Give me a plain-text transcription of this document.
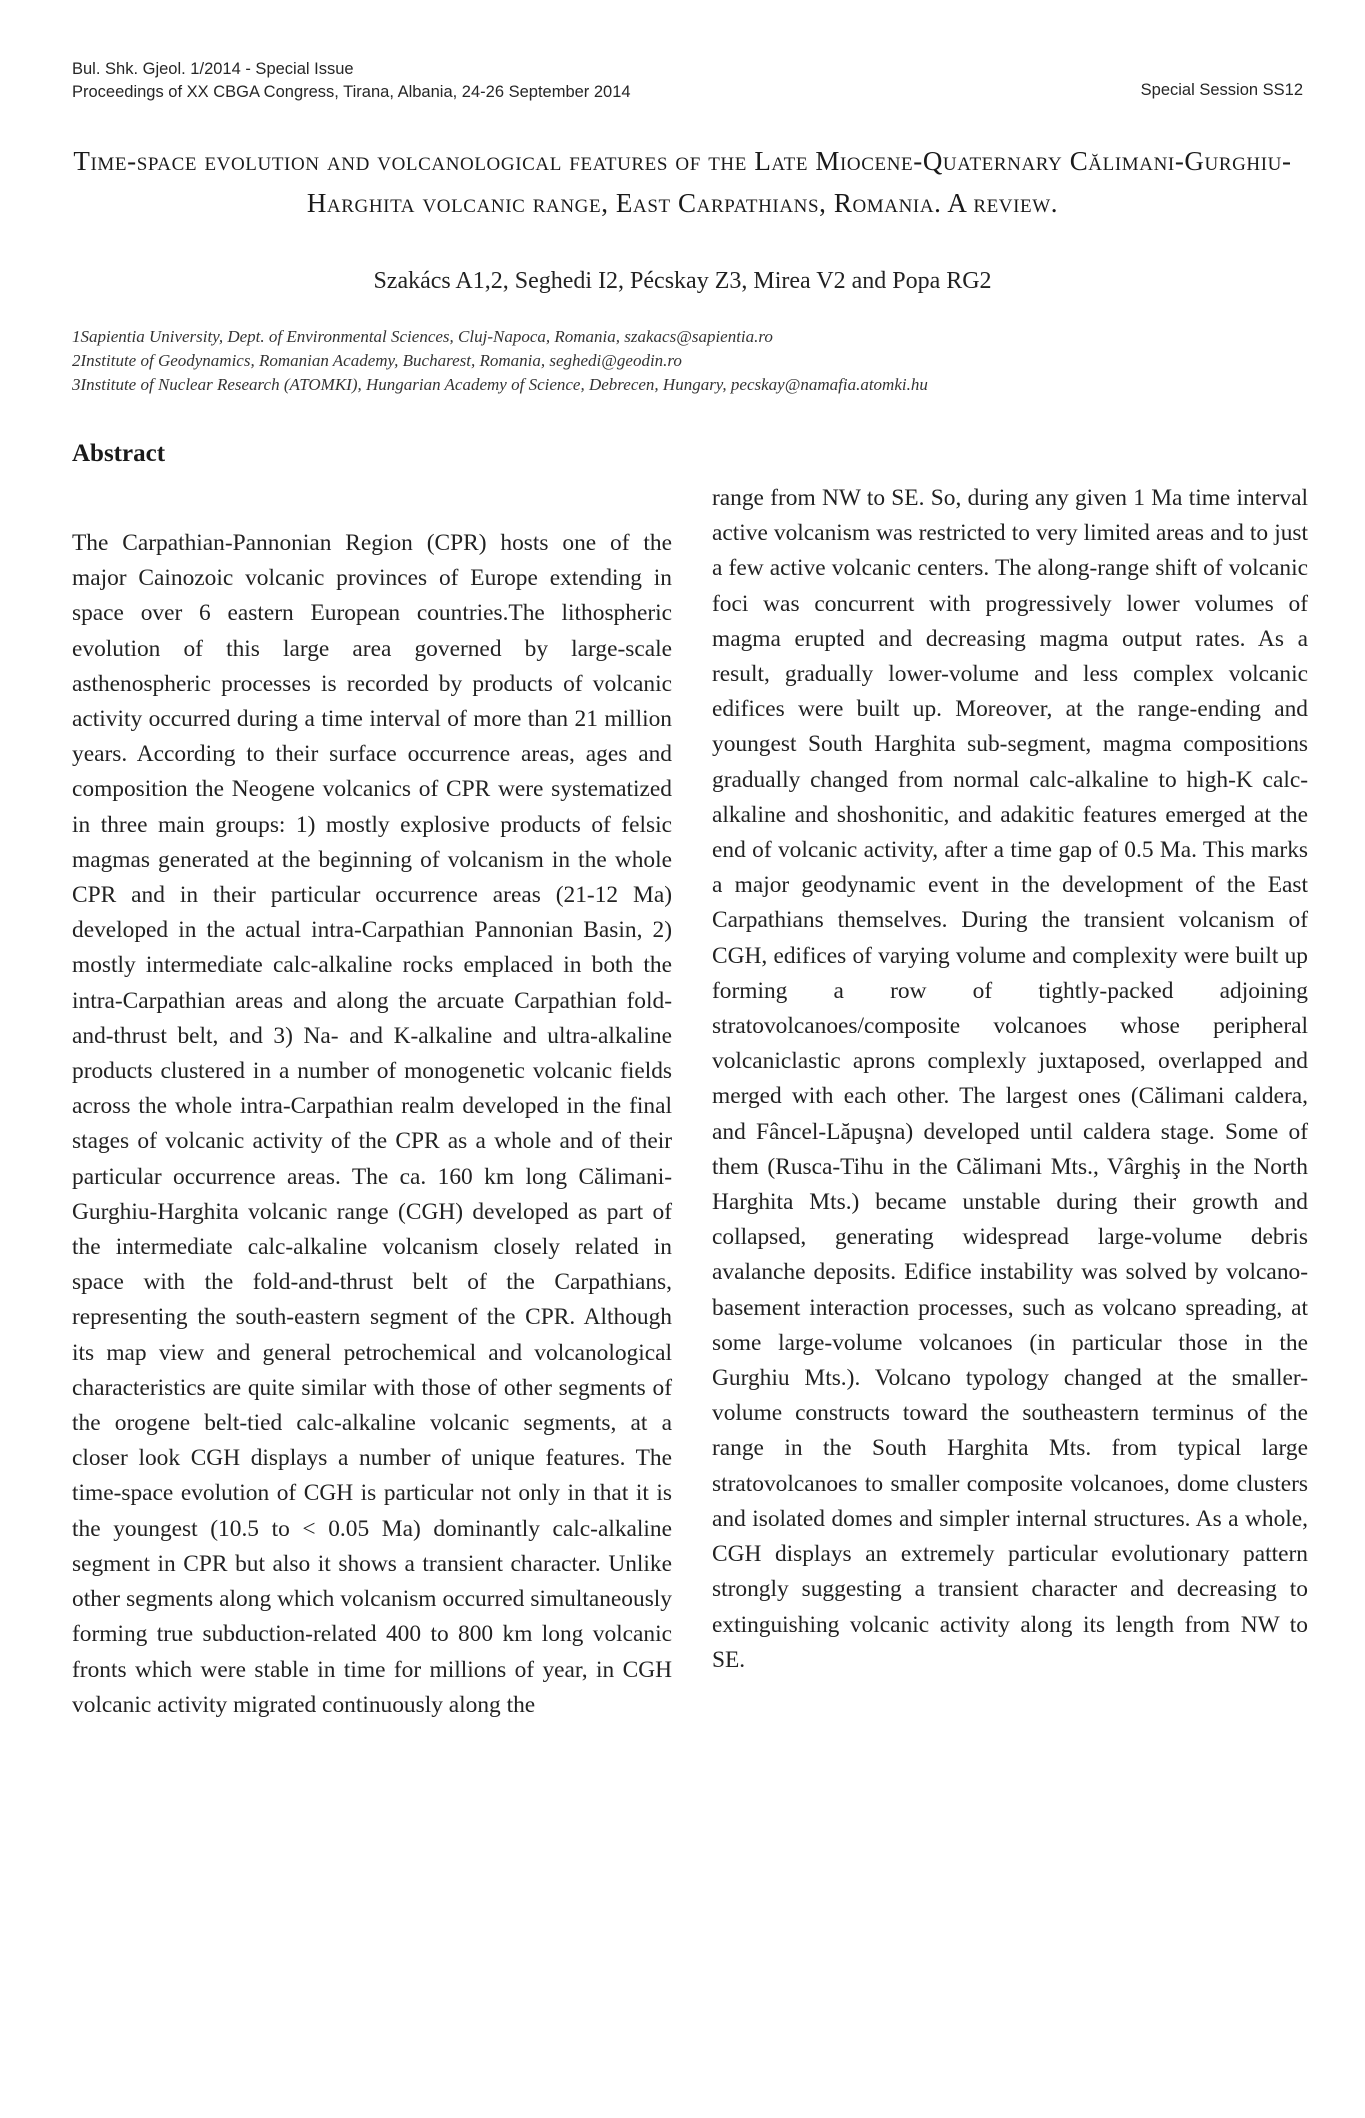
Bul. Shk. Gjeol. 1/2014 - Special Issue
Proceedings of XX CBGA Congress, Tirana, Albania, 24-26 September 2014	Special Session SS12
Time-space evolution and volcanological features of the Late Miocene-Quaternary Călimani-Gurghiu-Harghita volcanic range, East Carpathians, Romania. A review.
Szakács A1,2, Seghedi I2, Pécskay Z3, Mirea V2 and Popa RG2
1Sapientia University, Dept. of Environmental Sciences, Cluj-Napoca, Romania, szakacs@sapientia.ro
2Institute of Geodynamics, Romanian Academy, Bucharest, Romania, seghedi@geodin.ro
3Institute of Nuclear Research (ATOMKI), Hungarian Academy of Science, Debrecen, Hungary, pecskay@namafia.atomki.hu
Abstract

The Carpathian-Pannonian Region (CPR) hosts one of the major Cainozoic volcanic provinces of Europe extending in space over 6 eastern European countries.The lithospheric evolution of this large area governed by large-scale asthenospheric processes is recorded by products of volcanic activity occurred during a time interval of more than 21 million years. According to their surface occurrence areas, ages and composition the Neogene volcanics of CPR were systematized in three main groups: 1) mostly explosive products of felsic magmas generated at the beginning of volcanism in the whole CPR and in their particular occurrence areas (21-12 Ma) developed in the actual intra-Carpathian Pannonian Basin, 2) mostly intermediate calc-alkaline rocks emplaced in both the intra-Carpathian areas and along the arcuate Carpathian fold-and-thrust belt, and 3) Na- and K-alkaline and ultra-alkaline products clustered in a number of monogenetic volcanic fields across the whole intra-Carpathian realm developed in the final stages of volcanic activity of the CPR as a whole and of their particular occurrence areas. The ca. 160 km long Călimani-Gurghiu-Harghita volcanic range (CGH) developed as part of the intermediate calc-alkaline volcanism closely related in space with the fold-and-thrust belt of the Carpathians, representing the south-eastern segment of the CPR. Although its map view and general petrochemical and volcanological characteristics are quite similar with those of other segments of the orogene belt-tied calc-alkaline volcanic segments, at a closer look CGH displays a number of unique features. The time-space evolution of CGH is particular not only in that it is the youngest (10.5 to < 0.05 Ma) dominantly calc-alkaline segment in CPR but also it shows a transient character. Unlike other segments along which volcanism occurred simultaneously forming true subduction-related 400 to 800 km long volcanic fronts which were stable in time for millions of year, in CGH volcanic activity migrated continuously along the

range from NW to SE. So, during any given 1 Ma time interval active volcanism was restricted to very limited areas and to just a few active volcanic centers. The along-range shift of volcanic foci was concurrent with progressively lower volumes of magma erupted and decreasing magma output rates. As a result, gradually lower-volume and less complex volcanic edifices were built up. Moreover, at the range-ending and youngest South Harghita sub-segment, magma compositions gradually changed from normal calc-alkaline to high-K calc-alkaline and shoshonitic, and adakitic features emerged at the end of volcanic activity, after a time gap of 0.5 Ma. This marks a major geodynamic event in the development of the East Carpathians themselves. During the transient volcanism of CGH, edifices of varying volume and complexity were built up forming a row of tightly-packed adjoining stratovolcanoes/composite volcanoes whose peripheral volcaniclastic aprons complexly juxtaposed, overlapped and merged with each other. The largest ones (Călimani caldera, and Fâncel-Lăpuşna) developed until caldera stage. Some of them (Rusca-Tihu in the Călimani Mts., Vârghiş in the North Harghita Mts.) became unstable during their growth and collapsed, generating widespread large-volume debris avalanche deposits. Edifice instability was solved by volcano-basement interaction processes, such as volcano spreading, at some large-volume volcanoes (in particular those in the Gurghiu Mts.). Volcano typology changed at the smaller-volume constructs toward the southeastern terminus of the range in the South Harghita Mts. from typical large stratovolcanoes to smaller composite volcanoes, dome clusters and isolated domes and simpler internal structures. As a whole, CGH displays an extremely particular evolutionary pattern strongly suggesting a transient character and decreasing to extinguishing volcanic activity along its length from NW to SE.
